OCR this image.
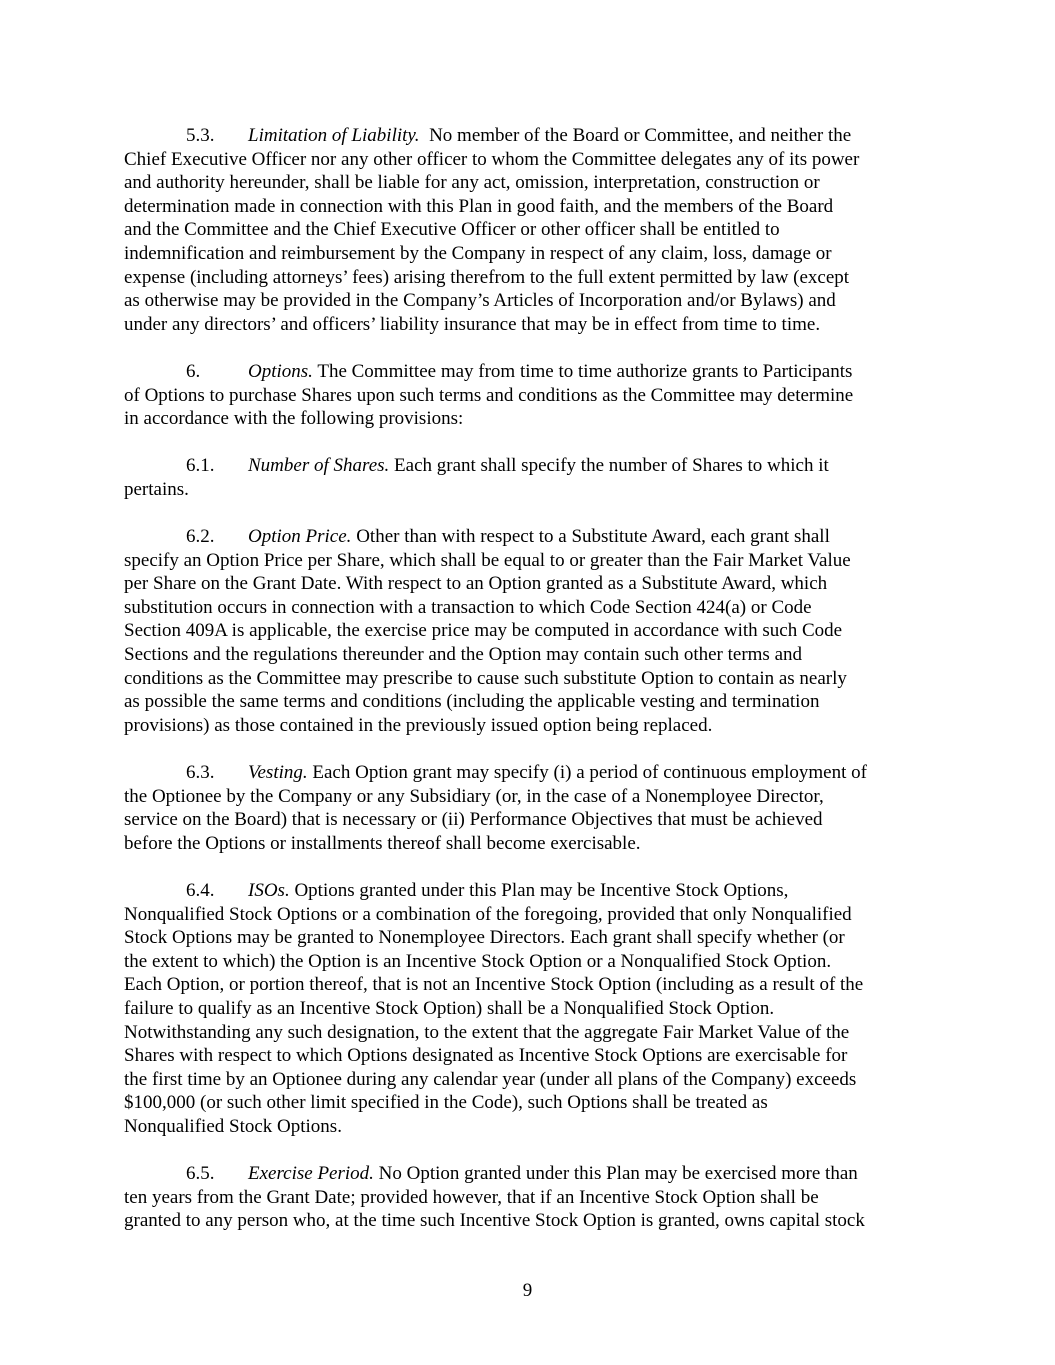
5.3. Limitation of Liability.  No member of the Board or Committee, and neither the
Chief Executive Officer nor any other officer to whom the Committee delegates any of its power
and authority hereunder, shall be liable for any act, omission, interpretation, construction or
determination made in connection with this Plan in good faith, and the members of the Board
and the Committee and the Chief Executive Officer or other officer shall be entitled to
indemnification and reimbursement by the Company in respect of any claim, loss, damage or
expense (including attorneys’ fees) arising therefrom to the full extent permitted by law (except
as otherwise may be provided in the Company’s Articles of Incorporation and/or Bylaws) and
under any directors’ and officers’ liability insurance that may be in effect from time to time.

6.	Options. The Committee may from time to time authorize grants to Participants
of Options to purchase Shares upon such terms and conditions as the Committee may determine
in accordance with the following provisions:

6.1. Number of Shares. Each grant shall specify the number of Shares to which it
pertains.

6.2. Option Price. Other than with respect to a Substitute Award, each grant shall
specify an Option Price per Share, which shall be equal to or greater than the Fair Market Value
per Share on the Grant Date. With respect to an Option granted as a Substitute Award, which
substitution occurs in connection with a transaction to which Code Section 424(a) or Code
Section 409A is applicable, the exercise price may be computed in accordance with such Code
Sections and the regulations thereunder and the Option may contain such other terms and
conditions as the Committee may prescribe to cause such substitute Option to contain as nearly
as possible the same terms and conditions (including the applicable vesting and termination
provisions) as those contained in the previously issued option being replaced.

6.3. Vesting. Each Option grant may specify (i) a period of continuous employment of
the Optionee by the Company or any Subsidiary (or, in the case of a Nonemployee Director,
service on the Board) that is necessary or (ii) Performance Objectives that must be achieved
before the Options or installments thereof shall become exercisable.

6.4. ISOs. Options granted under this Plan may be Incentive Stock Options,
Nonqualified Stock Options or a combination of the foregoing, provided that only Nonqualified
Stock Options may be granted to Nonemployee Directors. Each grant shall specify whether (or
the extent to which) the Option is an Incentive Stock Option or a Nonqualified Stock Option.
Each Option, or portion thereof, that is not an Incentive Stock Option (including as a result of the
failure to qualify as an Incentive Stock Option) shall be a Nonqualified Stock Option.
Notwithstanding any such designation, to the extent that the aggregate Fair Market Value of the
Shares with respect to which Options designated as Incentive Stock Options are exercisable for
the first time by an Optionee during any calendar year (under all plans of the Company) exceeds
$100,000 (or such other limit specified in the Code), such Options shall be treated as
Nonqualified Stock Options.

6.5. Exercise Period. No Option granted under this Plan may be exercised more than
ten years from the Grant Date; provided however, that if an Incentive Stock Option shall be
granted to any person who, at the time such Incentive Stock Option is granted, owns capital stock

9
